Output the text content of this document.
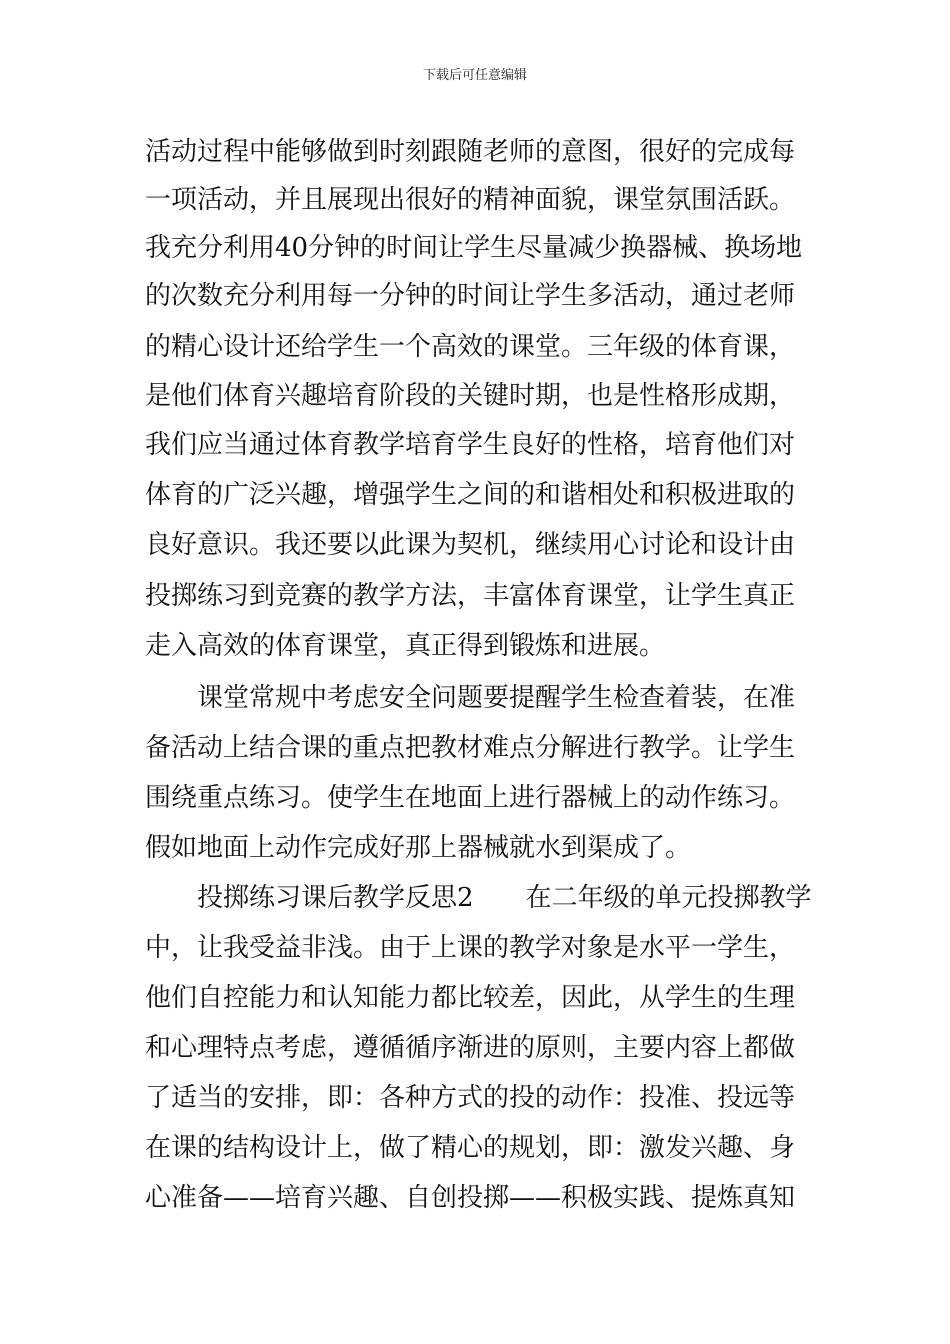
下载后可任意编辑
活动过程中能够做到时刻跟随老师的意图，很好的完成每
一项活动，并且展现出很好的精神面貌，课堂氛围活跃。
我充分利用40分钟的时间让学生尽量减少换器械、换场地
的次数充分利用每一分钟的时间让学生多活动，通过老师
的精心设计还给学生一个高效的课堂。三年级的体育课，
是他们体育兴趣培育阶段的关键时期，也是性格形成期，
我们应当通过体育教学培育学生良好的性格，培育他们对
体育的广泛兴趣，增强学生之间的和谐相处和积极进取的
良好意识。我还要以此课为契机，继续用心讨论和设计由
投掷练习到竞赛的教学方法，丰富体育课堂，让学生真正
走入高效的体育课堂，真正得到锻炼和进展。
课堂常规中考虑安全问题要提醒学生检查着装，在准
备活动上结合课的重点把教材难点分解进行教学。让学生
围绕重点练习。使学生在地面上进行器械上的动作练习。
假如地面上动作完成好那上器械就水到渠成了。
投掷练习课后教学反思2　　在二年级的单元投掷教学
中，让我受益非浅。由于上课的教学对象是水平一学生，
他们自控能力和认知能力都比较差，因此，从学生的生理
和心理特点考虑，遵循循序渐进的原则，主要内容上都做
了适当的安排，即：各种方式的投的动作：投准、投远等
在课的结构设计上，做了精心的规划，即：激发兴趣、身
心准备——培育兴趣、自创投掷——积极实践、提炼真知
